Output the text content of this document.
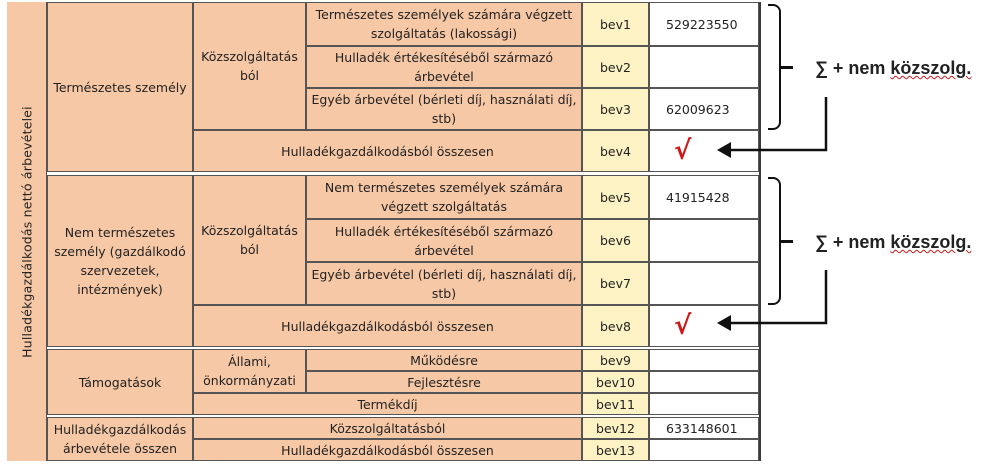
Hulladékgazdálkodás nettó árbevételei
Természetes személy
Közszolgáltatás ból
Természetes személyek számára végzett szolgáltatás (lakossági)
bev1	529223550
Hulladék értékesítéséből származó árbevétel
bev2
Egyéb árbevétel (bérleti díj, használati díj, stb)
bev3	62009623
Hulladékgazdálkodásból összesen	bev4	√
Nem természetes személy (gazdálkodó szervezetek, intézmények)
Közszolgáltatás ból
Nem természetes személyek számára végzett szolgáltatás
bev5	41915428
Hulladék értékesítéséből származó árbevétel
bev6
Egyéb árbevétel (bérleti díj, használati díj, stb)
bev7
Hulladékgazdálkodásból összesen	bev8	√
Támogatások
Állami, önkormányzati
Működésre	bev9
Fejlesztésre	bev10
Termékdíj	bev11
Hulladékgazdálkodás árbevétele összen
Közszolgáltatásból	bev12	633148601
Hulladékgazdálkodásból összesen	bev13
∑ + nem közszolg.
∑ + nem közszolg.
